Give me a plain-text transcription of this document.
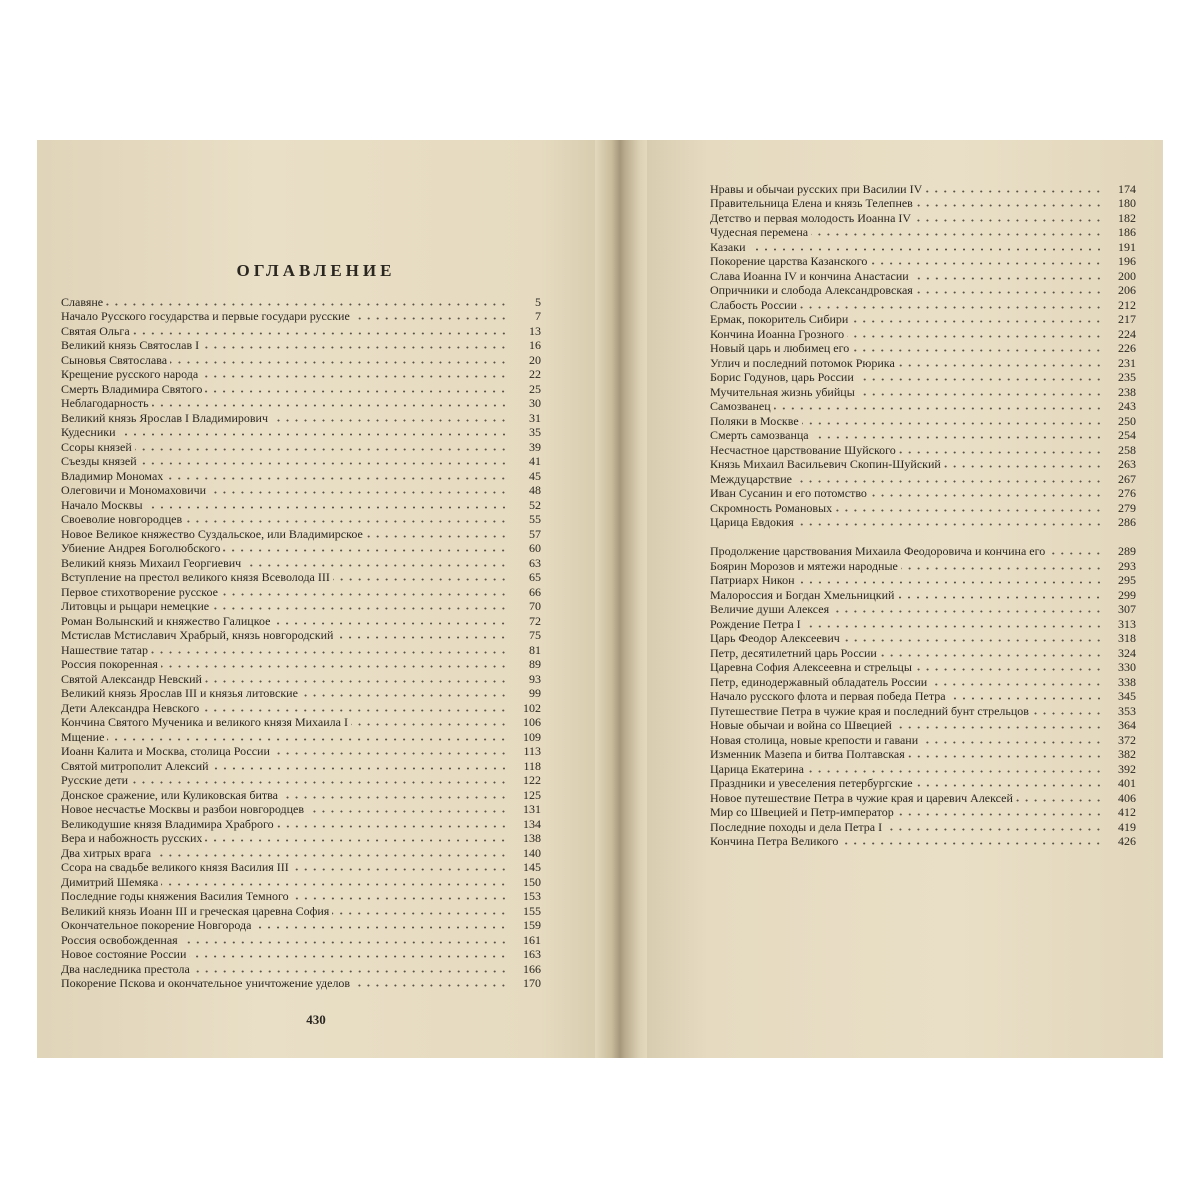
ОГЛАВЛЕНИЕ
Славяне	5
Начало Русского государства и первые государи русские	7
Святая Ольга	13
Великий князь Святослав I	16
Сыновья Святослава	20
Крещение русского народа	22
Смерть Владимира Святого	25
Неблагодарность	30
Великий князь Ярослав I Владимирович	31
Кудесники	35
Ссоры князей	39
Съезды князей	41
Владимир Мономах	45
Олеговичи и Мономаховичи	48
Начало Москвы	52
Своеволие новгородцев	55
Новое Великое княжество Суздальское, или Владимирское	57
Убиение Андрея Боголюбского	60
Великий князь Михаил Георгиевич	63
Вступление на престол великого князя Всеволода III	65
Первое стихотворение русское	66
Литовцы и рыцари немецкие	70
Роман Волынский и княжество Галицкое	72
Мстислав Мстиславич Храбрый, князь новгородский	75
Нашествие татар	81
Россия покоренная	89
Святой Александр Невский	93
Великий князь Ярослав III и князья литовские	99
Дети Александра Невского	102
Кончина Святого Мученика и великого князя Михаила I	106
Мщение	109
Иоанн Калита и Москва, столица России	113
Святой митрополит Алексий	118
Русские дети	122
Донское сражение, или Куликовская битва	125
Новое несчастье Москвы и разбои новгородцев	131
Великодушие князя Владимира Храброго	134
Вера и набожность русских	138
Два хитрых врага	140
Ссора на свадьбе великого князя Василия III	145
Димитрий Шемяка	150
Последние годы княжения Василия Темного	153
Великий князь Иоанн III и греческая царевна София	155
Окончательное покорение Новгорода	159
Россия освобожденная	161
Новое состояние России	163
Два наследника престола	166
Покорение Пскова и окончательное уничтожение уделов	170

430

Нравы и обычаи русских при Василии IV	174
Правительница Елена и князь Телепнев	180
Детство и первая молодость Иоанна IV	182
Чудесная перемена	186
Казаки	191
Покорение царства Казанского	196
Слава Иоанна IV и кончина Анастасии	200
Опричники и слобода Александровская	206
Слабость России	212
Ермак, покоритель Сибири	217
Кончина Иоанна Грозного	224
Новый царь и любимец его	226
Углич и последний потомок Рюрика	231
Борис Годунов, царь России	235
Мучительная жизнь убийцы	238
Самозванец	243
Поляки в Москве	250
Смерть самозванца	254
Несчастное царствование Шуйского	258
Князь Михаил Васильевич Скопин-Шуйский	263
Междуцарствие	267
Иван Сусанин и его потомство	276
Скромность Романовых	279
Царица Евдокия	286
Продолжение царствования Михаила Феодоровича и кончина его	289
Боярин Морозов и мятежи народные	293
Патриарх Никон	295
Малороссия и Богдан Хмельницкий	299
Величие души Алексея	307
Рождение Петра I	313
Царь Феодор Алексеевич	318
Петр, десятилетний царь России	324
Царевна София Алексеевна и стрельцы	330
Петр, единодержавный обладатель России	338
Начало русского флота и первая победа Петра	345
Путешествие Петра в чужие края и последний бунт стрельцов	353
Новые обычаи и война со Швецией	364
Новая столица, новые крепости и гавани	372
Изменник Мазепа и битва Полтавская	382
Царица Екатерина	392
Праздники и увеселения петербургские	401
Новое путешествие Петра в чужие края и царевич Алексей	406
Мир со Швецией и Петр-император	412
Последние походы и дела Петра I	419
Кончина Петра Великого	426
